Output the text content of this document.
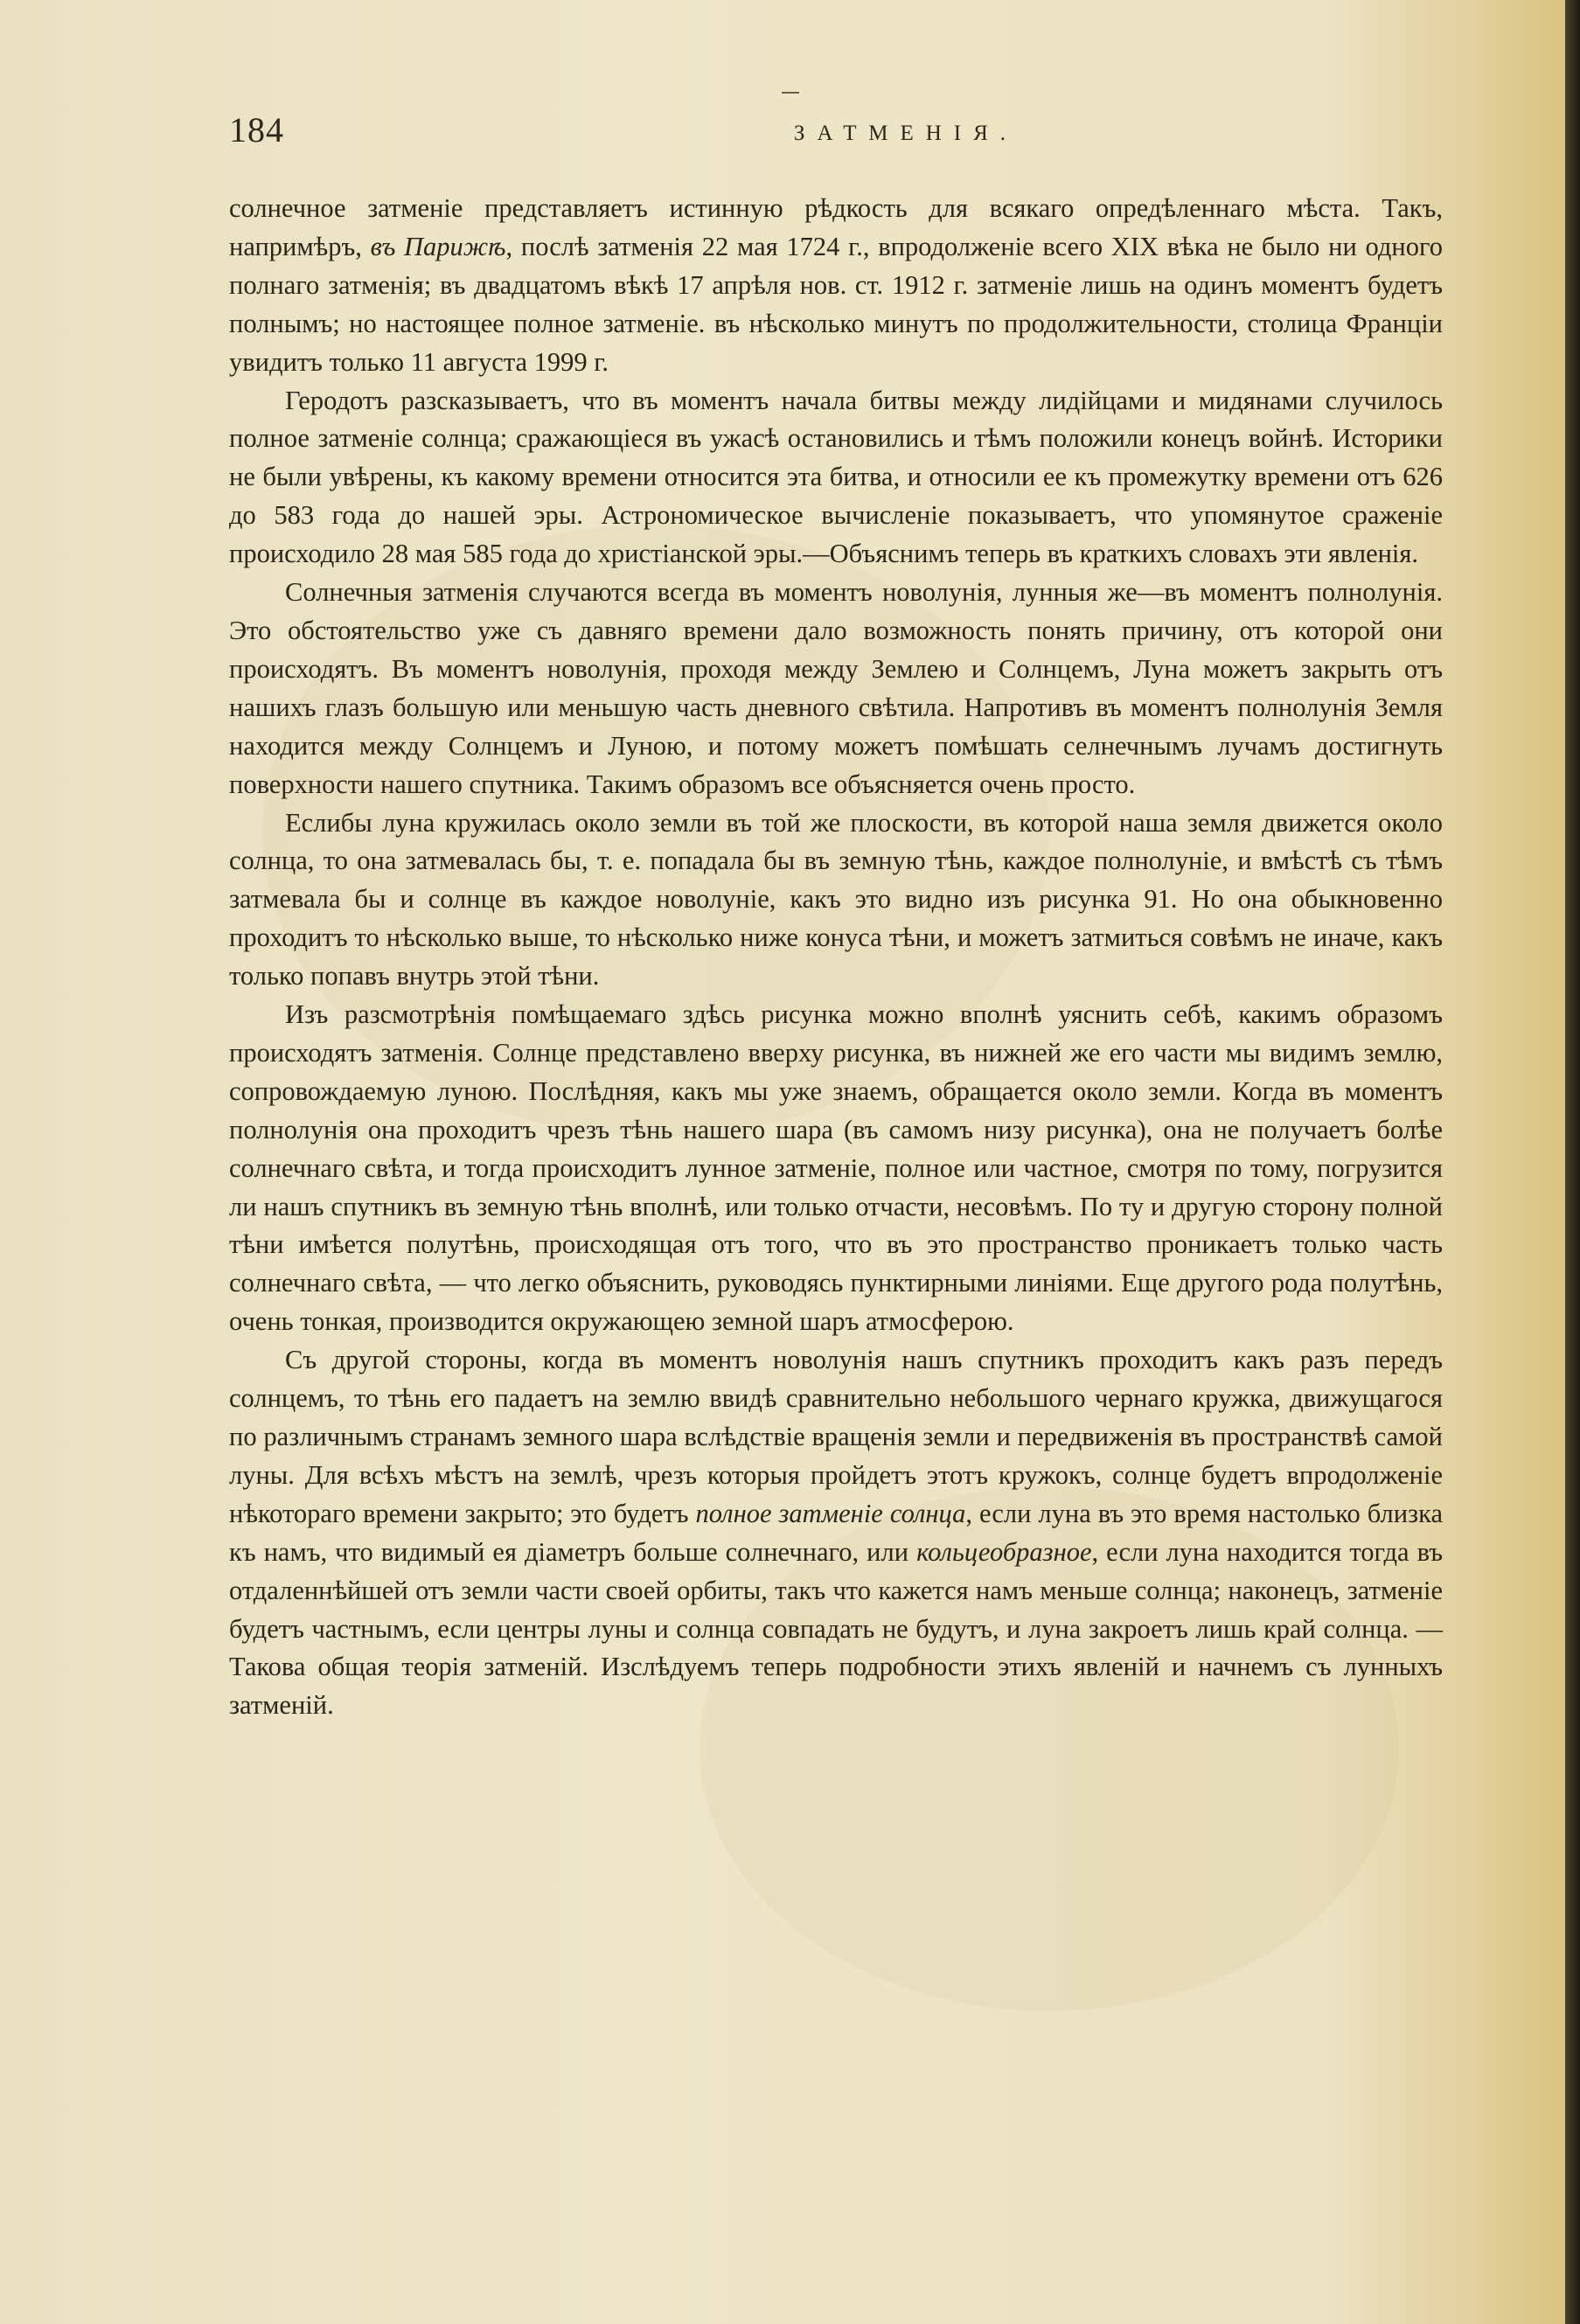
184	ЗАТМЕНІЯ.

солнечное затменіе представляетъ истинную рѣдкость для всякаго опредѣленнаго мѣста. Такъ, напримѣръ, въ Парижѣ, послѣ затменія 22 мая 1724 г., впродолженіе всего XIX вѣка не было ни одного полнаго затменія; въ двадцатомъ вѣкѣ 17 апрѣля нов. ст. 1912 г. затменіе лишь на одинъ моментъ будетъ полнымъ; но настоящее полное затменіе. въ нѣсколько минутъ по продолжительности, столица Франціи увидитъ только 11 августа 1999 г.

Геродотъ разсказываетъ, что въ моментъ начала битвы между лидійцами и мидянами случилось полное затменіе солнца; сражающіеся въ ужасѣ остановились и тѣмъ положили конецъ войнѣ. Историки не были увѣрены, къ какому времени относится эта битва, и относили ее къ промежутку времени отъ 626 до 583 года до нашей эры. Астрономическое вычисленіе показываетъ, что упомянутое сраженіе происходило 28 мая 585 года до христіанской эры.—Объяснимъ теперь въ краткихъ словахъ эти явленія.

Солнечныя затменія случаются всегда въ моментъ новолунія, лунныя же—въ моментъ полнолунія. Это обстоятельство уже съ давняго времени дало возможность понять причину, отъ которой они происходятъ. Въ моментъ новолунія, проходя между Землею и Солнцемъ, Луна можетъ закрыть отъ нашихъ глазъ большую или меньшую часть дневного свѣтила. Напротивъ въ моментъ полнолунія Земля находится между Солнцемъ и Луною, и потому можетъ помѣшать селнечнымъ лучамъ достигнуть поверхности нашего спутника. Такимъ образомъ все объясняется очень просто.

Еслибы луна кружилась около земли въ той же плоскости, въ которой наша земля движется около солнца, то она затмевалась бы, т. е. попадала бы въ земную тѣнь, каждое полнолуніе, и вмѣстѣ съ тѣмъ затмевала бы и солнце въ каждое новолуніе, какъ это видно изъ рисунка 91. Но она обыкновенно проходитъ то нѣсколько выше, то нѣсколько ниже конуса тѣни, и можетъ затмиться совѣмъ не иначе, какъ только попавъ внутрь этой тѣни.

Изъ разсмотрѣнія помѣщаемаго здѣсь рисунка можно вполнѣ уяснить себѣ, какимъ образомъ происходятъ затменія. Солнце представлено вверху рисунка, въ нижней же его части мы видимъ землю, сопровождаемую луною. Послѣдняя, какъ мы уже знаемъ, обращается около земли. Когда въ моментъ полнолунія она проходитъ чрезъ тѣнь нашего шара (въ самомъ низу рисунка), она не получаетъ болѣе солнечнаго свѣта, и тогда происходитъ лунное затменіе, полное или частное, смотря по тому, погрузится ли нашъ спутникъ въ земную тѣнь вполнѣ, или только отчасти, несовѣмъ. По ту и другую сторону полной тѣни имѣется полутѣнь, происходящая отъ того, что въ это пространство проникаетъ только часть солнечнаго свѣта, — что легко объяснить, руководясь пунктирными линіями. Еще другого рода полутѣнь, очень тонкая, производится окружающею земной шаръ атмосферою.

Съ другой стороны, когда въ моментъ новолунія нашъ спутникъ проходитъ какъ разъ передъ солнцемъ, то тѣнь его падаетъ на землю ввидѣ сравнительно небольшого чернаго кружка, движущагося по различнымъ странамъ земного шара вслѣдствіе вращенія земли и передвиженія въ пространствѣ самой луны. Для всѣхъ мѣстъ на землѣ, чрезъ которыя пройдетъ этотъ кружокъ, солнце будетъ впродолженіе нѣкотораго времени закрыто; это будетъ полное затменіе солнца, если луна въ это время настолько близка къ намъ, что видимый ея діаметръ больше солнечнаго, или кольцеобразное, если луна находится тогда въ отдаленнѣйшей отъ земли части своей орбиты, такъ что кажется намъ меньше солнца; наконецъ, затменіе будетъ частнымъ, если центры луны и солнца совпадать не будутъ, и луна закроетъ лишь край солнца. — Такова общая теорія затменій. Изслѣдуемъ теперь подробности этихъ явленій и начнемъ съ лунныхъ затменій.
